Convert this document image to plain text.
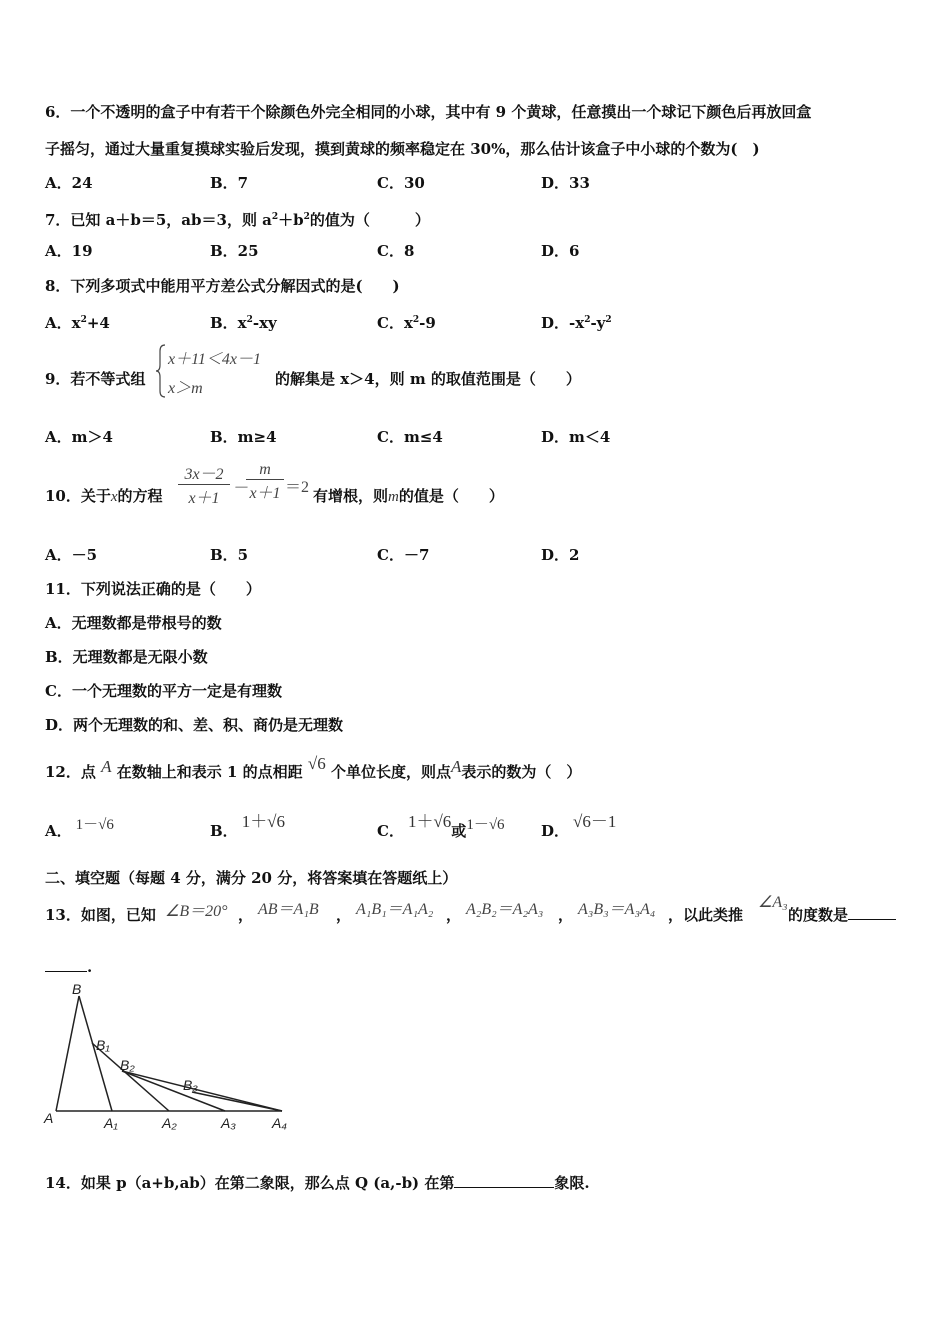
6．一个不透明的盒子中有若干个除颜色外完全相同的小球，其中有 9 个黄球，任意摸出一个球记下颜色后再放回盒
子摇匀，通过大量重复摸球实验后发现，摸到黄球的频率稳定在 30%，那么估计该盒子中小球的个数为(　)
A．24	B．7	C．30	D．33
7．已知 a＋b＝5，ab＝3，则 $a^2+b^2$的值为（　　　）
A．19	B．25	C．8	D．6
8．下列多项式中能用平方差公式分解因式的是(　　)
A．$x^2+4$	B．$x^2-xy$	C．$x^2-9$	D．$-x^2-y^2$
9．若不等式组
x＋11＜4x－1
x＞m
的解集是 x＞4，则 m 的取值范围是（　　）
A．m＞4	B．m≥4	C．m≤4	D．m＜4
10．关于x的方程 $\frac{3x-2}{x+1}$ －
$\frac{m}{x+1} =2$ 有增根，则m的值是（　　）
A．－5	B．5	C．－7	D．2
11．下列说法正确的是（　　）
A．无理数都是带根号的数
B．无理数都是无限小数
C．一个无理数的平方一定是有理数
D．两个无理数的和、差、积、商仍是无理数
12．点 A 在数轴上和表示 1 的点相距 √6 个单位长度，则点A表示的数为（　）
A． 1－√6	B． 1＋√6	C． 1＋√6或1－√6 D． √6－1
二、填空题（每题 4 分，满分 20 分，将答案填在答题纸上）
13．如图，已知 ∠B＝20° ， AB＝A₁B ， A₁B₁＝A₁A₂ ， A₂B₂＝A₂A₃ ， A₃B₃＝A₃A₄ ，以此类推
∠A₃
的度数是
.
B
B₁
B₂
B₃
A	A₁	A₂	A₃	A₄
14．如果 p（a+b,ab）在第二象限，那么点 Q (a,-b) 在第	象限.
